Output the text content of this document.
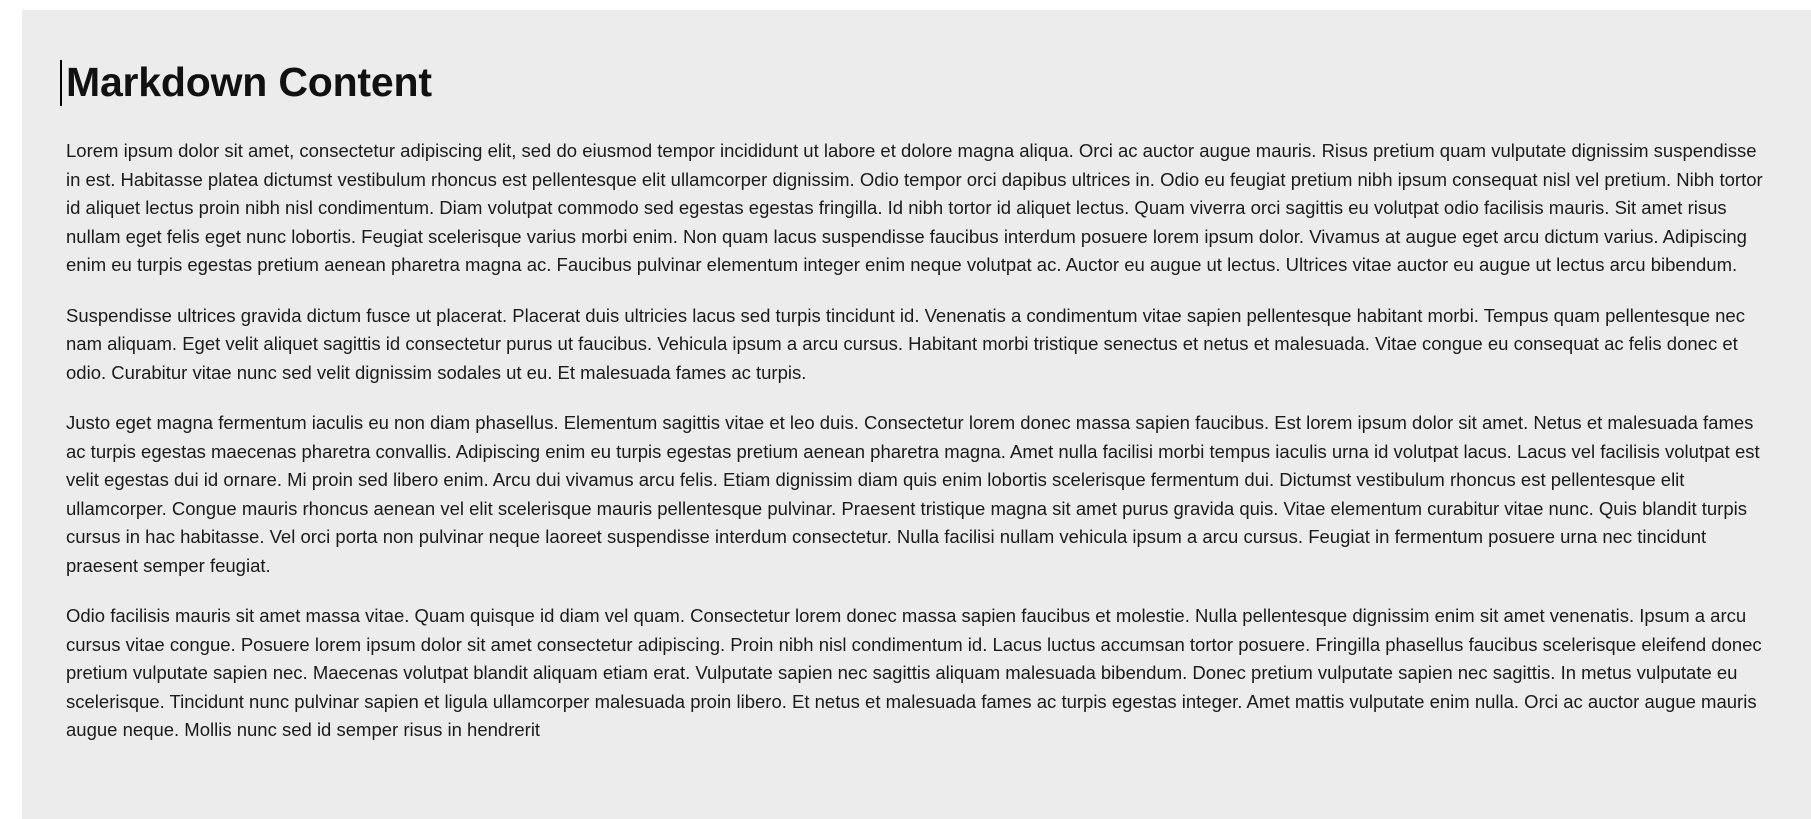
Markdown Content

Lorem ipsum dolor sit amet, consectetur adipiscing elit, sed do eiusmod tempor incididunt ut labore et dolore magna aliqua. Orci ac auctor augue mauris. Risus pretium quam vulputate dignissim suspendisse in est. Habitasse platea dictumst vestibulum rhoncus est pellentesque elit ullamcorper dignissim. Odio tempor orci dapibus ultrices in. Odio eu feugiat pretium nibh ipsum consequat nisl vel pretium. Nibh tortor id aliquet lectus proin nibh nisl condimentum. Diam volutpat commodo sed egestas egestas fringilla. Id nibh tortor id aliquet lectus. Quam viverra orci sagittis eu volutpat odio facilisis mauris. Sit amet risus nullam eget felis eget nunc lobortis. Feugiat scelerisque varius morbi enim. Non quam lacus suspendisse faucibus interdum posuere lorem ipsum dolor. Vivamus at augue eget arcu dictum varius. Adipiscing enim eu turpis egestas pretium aenean pharetra magna ac. Faucibus pulvinar elementum integer enim neque volutpat ac. Auctor eu augue ut lectus. Ultrices vitae auctor eu augue ut lectus arcu bibendum.

Suspendisse ultrices gravida dictum fusce ut placerat. Placerat duis ultricies lacus sed turpis tincidunt id. Venenatis a condimentum vitae sapien pellentesque habitant morbi. Tempus quam pellentesque nec nam aliquam. Eget velit aliquet sagittis id consectetur purus ut faucibus. Vehicula ipsum a arcu cursus. Habitant morbi tristique senectus et netus et malesuada. Vitae congue eu consequat ac felis donec et odio. Curabitur vitae nunc sed velit dignissim sodales ut eu. Et malesuada fames ac turpis.

Justo eget magna fermentum iaculis eu non diam phasellus. Elementum sagittis vitae et leo duis. Consectetur lorem donec massa sapien faucibus. Est lorem ipsum dolor sit amet. Netus et malesuada fames ac turpis egestas maecenas pharetra convallis. Adipiscing enim eu turpis egestas pretium aenean pharetra magna. Amet nulla facilisi morbi tempus iaculis urna id volutpat lacus. Lacus vel facilisis volutpat est velit egestas dui id ornare. Mi proin sed libero enim. Arcu dui vivamus arcu felis. Etiam dignissim diam quis enim lobortis scelerisque fermentum dui. Dictumst vestibulum rhoncus est pellentesque elit ullamcorper. Congue mauris rhoncus aenean vel elit scelerisque mauris pellentesque pulvinar. Praesent tristique magna sit amet purus gravida quis. Vitae elementum curabitur vitae nunc. Quis blandit turpis cursus in hac habitasse. Vel orci porta non pulvinar neque laoreet suspendisse interdum consectetur. Nulla facilisi nullam vehicula ipsum a arcu cursus. Feugiat in fermentum posuere urna nec tincidunt praesent semper feugiat.

Odio facilisis mauris sit amet massa vitae. Quam quisque id diam vel quam. Consectetur lorem donec massa sapien faucibus et molestie. Nulla pellentesque dignissim enim sit amet venenatis. Ipsum a arcu cursus vitae congue. Posuere lorem ipsum dolor sit amet consectetur adipiscing. Proin nibh nisl condimentum id. Lacus luctus accumsan tortor posuere. Fringilla phasellus faucibus scelerisque eleifend donec pretium vulputate sapien nec. Maecenas volutpat blandit aliquam etiam erat. Vulputate sapien nec sagittis aliquam malesuada bibendum. Donec pretium vulputate sapien nec sagittis. In metus vulputate eu scelerisque. Tincidunt nunc pulvinar sapien et ligula ullamcorper malesuada proin libero. Et netus et malesuada fames ac turpis egestas integer. Amet mattis vulputate enim nulla. Orci ac auctor augue mauris augue neque. Mollis nunc sed id semper risus in hendrerit
